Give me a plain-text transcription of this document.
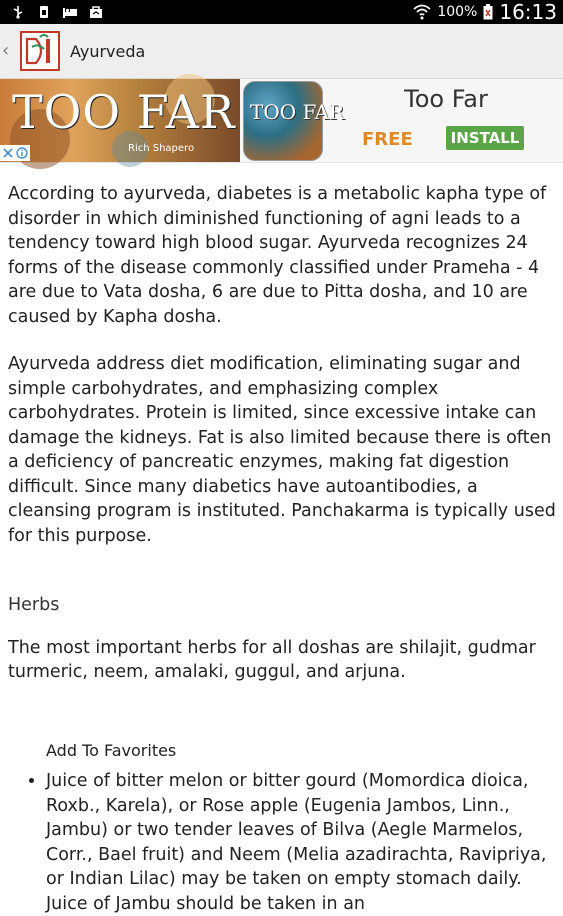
100% 16:13
‹	Ayurveda
TOO FAR
Rich Shapero
TOO FAR	Too Far
FREE	INSTALL

According to ayurveda, diabetes is a metabolic kapha type of disorder in which diminished functioning of agni leads to a tendency toward high blood sugar. Ayurveda recognizes 24 forms of the disease commonly classified under Prameha - 4 are due to Vata dosha, 6 are due to Pitta dosha, and 10 are caused by Kapha dosha.

Ayurveda address diet modification, eliminating sugar and simple carbohydrates, and emphasizing complex carbohydrates. Protein is limited, since excessive intake can damage the kidneys. Fat is also limited because there is often a deficiency of pancreatic enzymes, making fat digestion difficult. Since many diabetics have autoantibodies, a cleansing program is instituted. Panchakarma is typically used for this purpose.

Herbs
The most important herbs for all doshas are shilajit, gudmar turmeric, neem, amalaki, guggul, and arjuna.
Add To Favorites
• Juice of bitter melon or bitter gourd (Momordica dioica, Roxb., Karela), or Rose apple (Eugenia Jambos, Linn., Jambu) or two tender leaves of Bilva (Aegle Marmelos, Corr., Bael fruit) and Neem (Melia azadirachta, Ravipriya, or Indian Lilac) may be taken on empty stomach daily. Juice of Jambu should be taken in an
